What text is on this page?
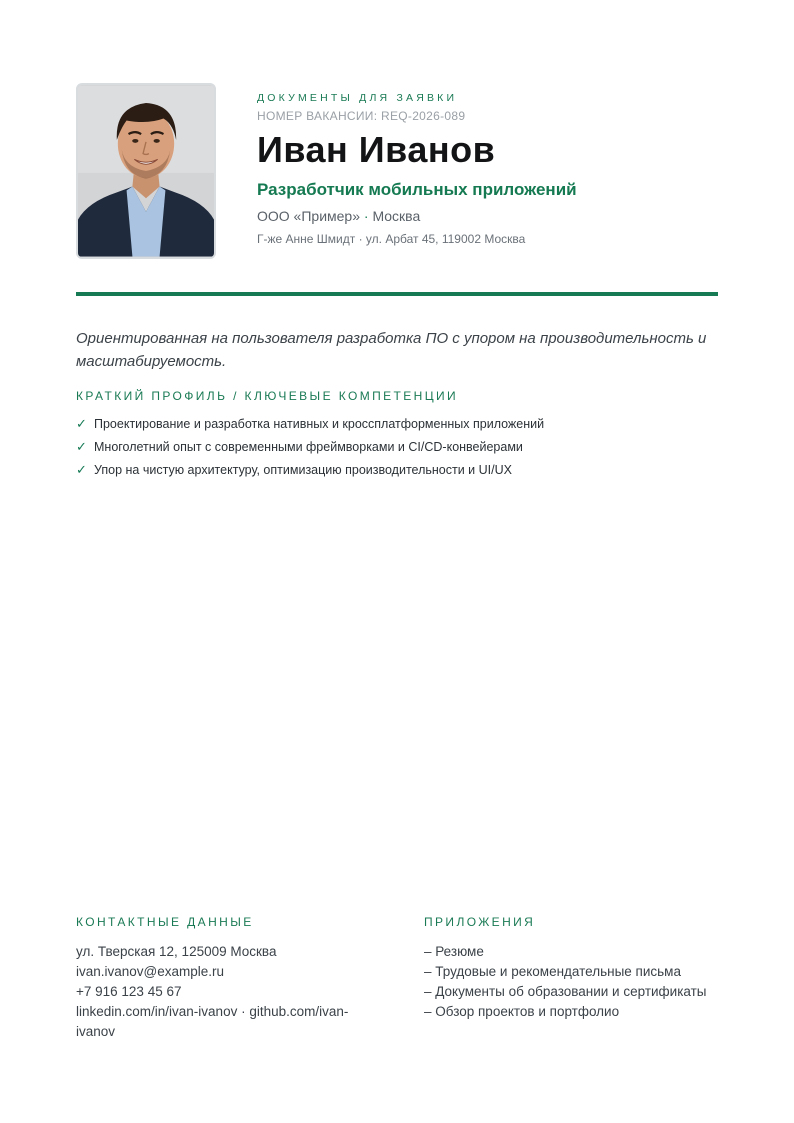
ДОКУМЕНТЫ ДЛЯ ЗАЯВКИ
НОМЕР ВАКАНСИИ: REQ-2026-089
Иван Иванов
Разработчик мобильных приложений
ООО «Пример» · Москва
Г-же Анне Шмидт · ул. Арбат 45, 119002 Москва
Ориентированная на пользователя разработка ПО с упором на производительность и масштабируемость.
КРАТКИЙ ПРОФИЛЬ / КЛЮЧЕВЫЕ КОМПЕТЕНЦИИ
✓ Проектирование и разработка нативных и кроссплатформенных приложений
✓ Многолетний опыт с современными фреймворками и CI/CD-конвейерами
✓ Упор на чистую архитектуру, оптимизацию производительности и UI/UX
КОНТАКТНЫЕ ДАННЫЕ
ул. Тверская 12, 125009 Москва
ivan.ivanov@example.ru
+7 916 123 45 67
linkedin.com/in/ivan-ivanov · github.com/ivan-ivanov
ПРИЛОЖЕНИЯ
– Резюме
– Трудовые и рекомендательные письма
– Документы об образовании и сертификаты
– Обзор проектов и портфолио
